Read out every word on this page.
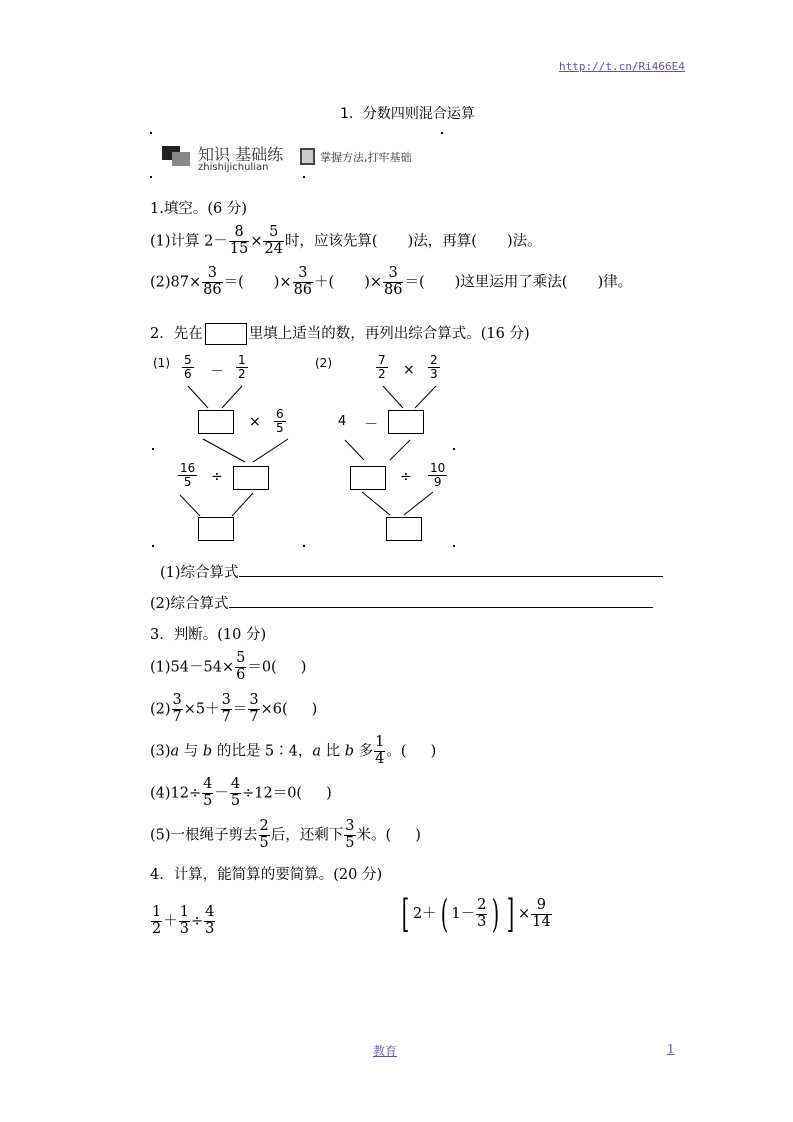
http://t.cn/Ri466E4
1．分数四则混合运算
知识 基础练
zhishijichulian
掌握方法,打牢基础
1.填空。(6 分)
(1)计算 $2- \frac{8}{15} \times \frac{5}{24}$ 时，应该先算( )法，再算( )法。
$(2)87\times \frac{3}{86}$ ＝( )× $\frac{3}{86}$ ＋( )× $\frac{3}{86}$ ＝( )这里运用了乘法( )律。
2．先在	里填上适当的数，再列出综合算式。(16 分)
$(1) \frac{5}{6} - \frac{1}{2}$
× $\frac{6}{5}$
$\frac{16}{5}$ ÷
(2)	$\frac{7}{2} \times \frac{2}{3}$
4 －
÷ $\frac{10}{9}$
(1)综合算式
(2)综合算式
3．判断。(10 分)
$(1)54-54\times \frac{5}{6} =0$( )
$(2) \frac{3}{7} \times 5+ \frac{3}{7} = \frac{3}{7} \times 6$( )
(3)a 与 b 的比是 5∶4，a 比 b 多 $\frac{1}{4}$ 。( )
$(4)12\div \frac{4}{5} - \frac{4}{5} \div 12=0$( )
(5)一根绳子剪去 $\frac{2}{5}$ 后，还剩下 $\frac{3}{5}$ 米。( )
4．计算，能简算的要简算。(20 分)
$\frac{1}{2} + \frac{1}{3} \div \frac{4}{3}$	[ 2＋( $1- \frac{2}{3}$ ) ] × $\frac{9}{14}$
教育	1
